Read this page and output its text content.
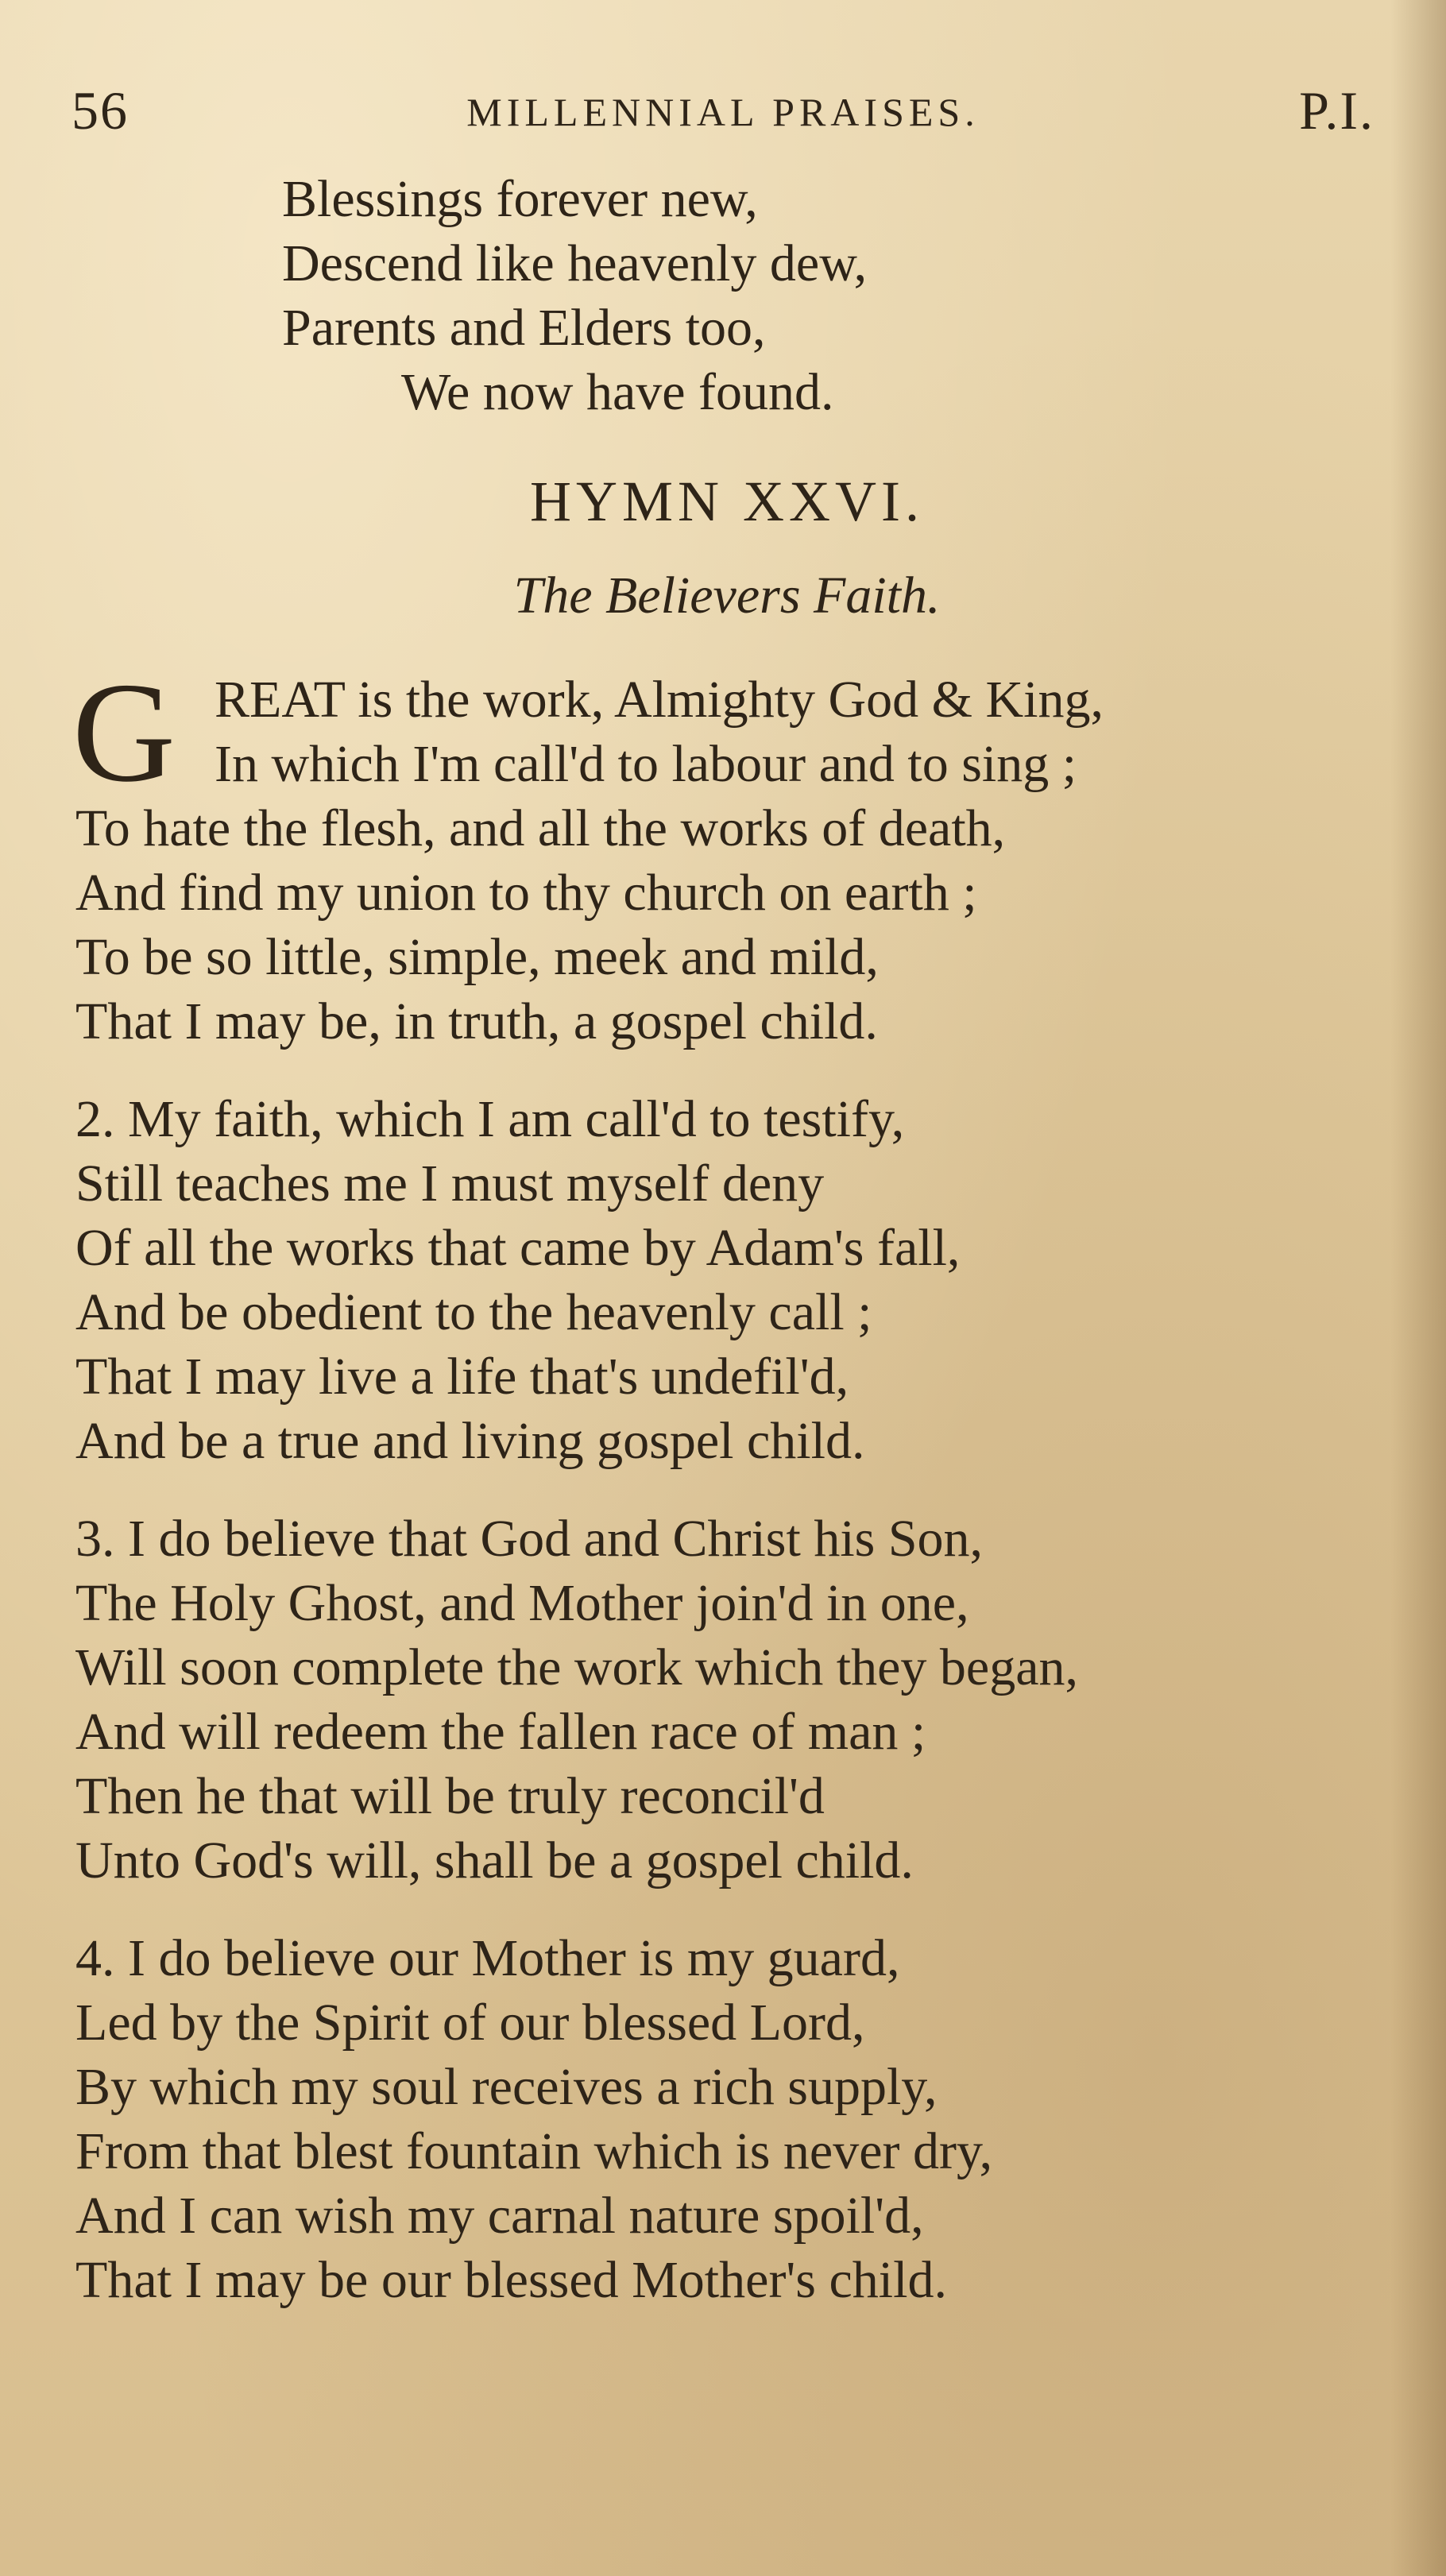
56	MILLENNIAL PRAISES.	P.I.
Blessings forever new,
Descend like heavenly dew,
Parents and Elders too,
We now have found.
HYMN XXVI.
The Believers Faith.
G REAT is the work, Almighty God & King,
In which I'm call'd to labour and to sing ;
To hate the flesh, and all the works of death,
And find my union to thy church on earth ;
To be so little, simple, meek and mild,
That I may be, in truth, a gospel child.
2. My faith, which I am call'd to testify,
Still teaches me I must myself deny
Of all the works that came by Adam's fall,
And be obedient to the heavenly call ;
That I may live a life that's undefil'd,
And be a true and living gospel child.
3. I do believe that God and Christ his Son,
The Holy Ghost, and Mother join'd in one,
Will soon complete the work which they began,
And will redeem the fallen race of man ;
Then he that will be truly reconcil'd
Unto God's will, shall be a gospel child.
4. I do believe our Mother is my guard,
Led by the Spirit of our blessed Lord,
By which my soul receives a rich supply,
From that blest fountain which is never dry,
And I can wish my carnal nature spoil'd,
That I may be our blessed Mother's child.
